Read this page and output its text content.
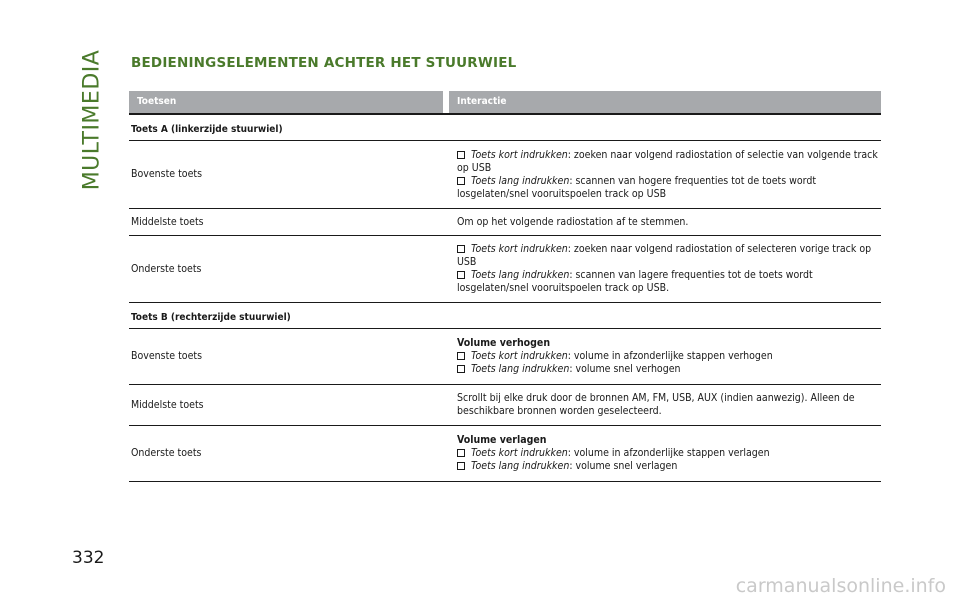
MULTIMEDIA BEDIENINGSELEMENTEN ACHTER HET STUURWIEL
Toetsen	Interactie
Toets A (linkerzijde stuurwiel)
Bovenste toets
Toets kort indrukken: zoeken naar volgend radiostation of selectie van volgende track op USB
Toets lang indrukken: scannen van hogere frequenties tot de toets wordt losgelaten/snel vooruitspoelen track op USB
Middelste toets	Om op het volgende radiostation af te stemmen.
Onderste toets
Toets kort indrukken: zoeken naar volgend radiostation of selecteren vorige track op USB
Toets lang indrukken: scannen van lagere frequenties tot de toets wordt losgelaten/snel vooruitspoelen track op USB.
Toets B (rechterzijde stuurwiel)
Bovenste toets
Volume verhogen
Toets kort indrukken: volume in afzonderlijke stappen verhogen
Toets lang indrukken: volume snel verhogen
Middelste toets
Scrollt bij elke druk door de bronnen AM, FM, USB, AUX (indien aanwezig). Alleen de beschikbare bronnen worden geselecteerd.
Onderste toets
Volume verlagen
Toets kort indrukken: volume in afzonderlijke stappen verlagen
Toets lang indrukken: volume snel verlagen
332
carmanualsonline.info
